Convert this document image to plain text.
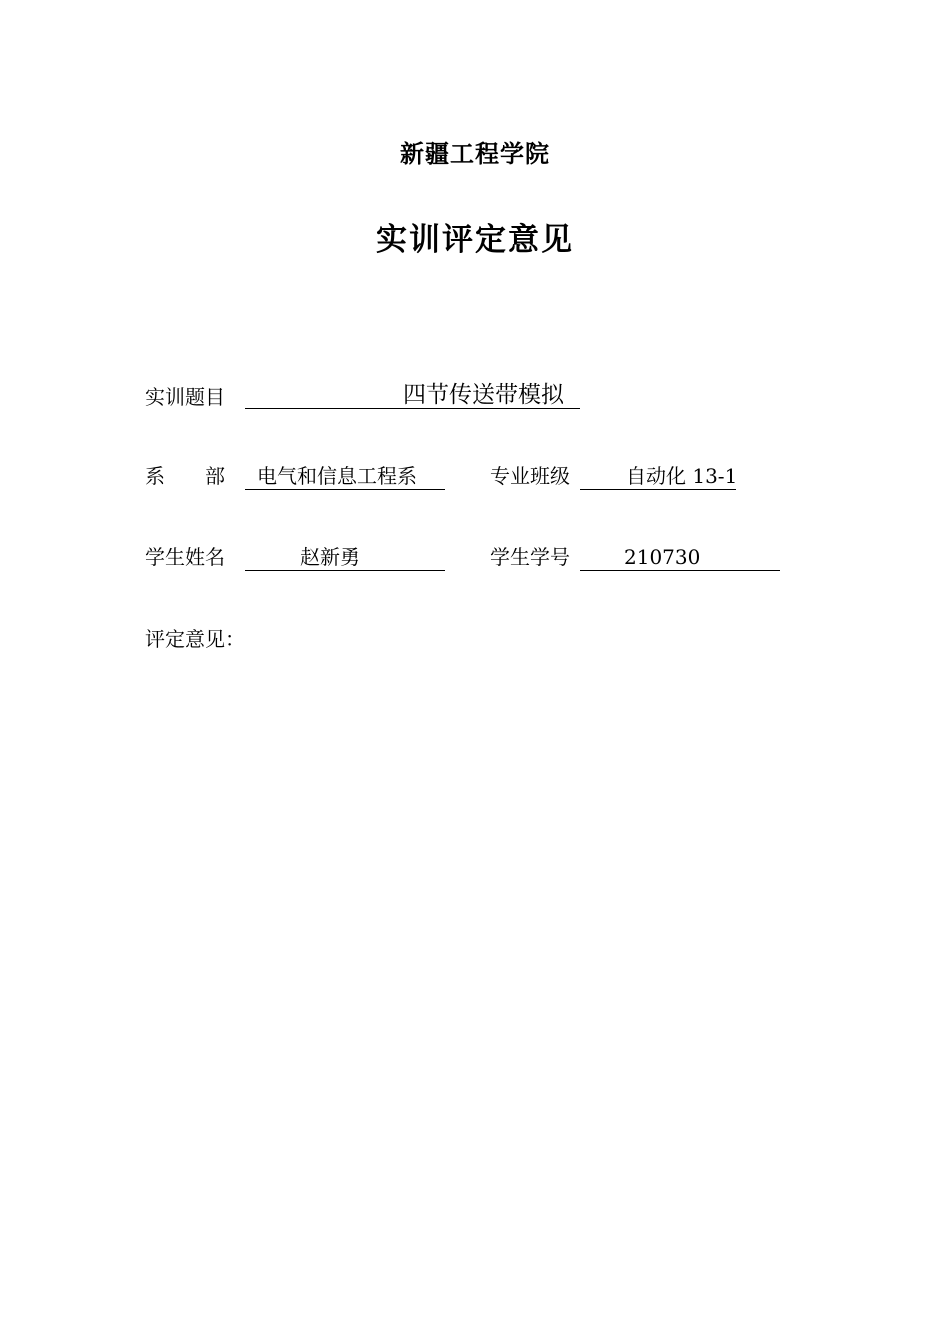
新疆工程学院
实训评定意见
实训题目	四节传送带模拟
系　　部 电气和信息工程系	专业班级	自动化 13-1
学生姓名	赵新勇	学生学号	210730
评定意见：
